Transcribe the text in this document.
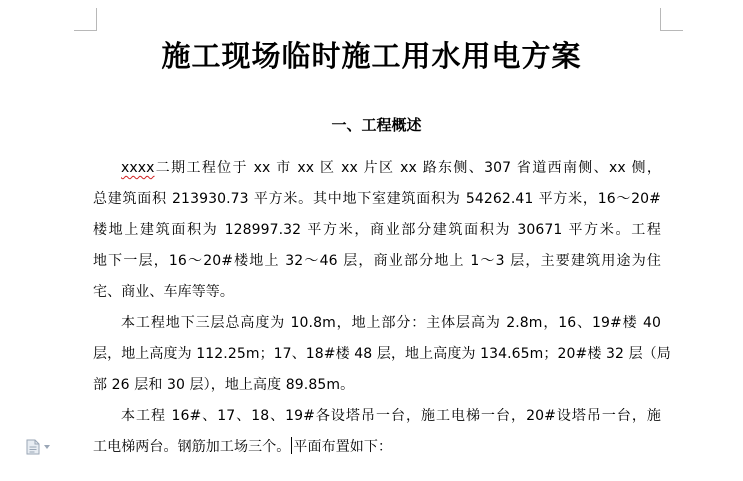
施工现场临时施工用水用电方案
一、工程概述

xxxx二期工程位于 xx 市 xx 区 xx 片区 xx 路东侧、307 省道西南侧、xx 侧，
总建筑面积 213930.73 平方米。其中地下室建筑面积为 54262.41 平方米，16～20#
楼地上建筑面积为 128997.32 平方米，商业部分建筑面积为 30671 平方米。工程
地下一层，16～20#楼地上 32～46 层，商业部分地上 1～3 层，主要建筑用途为住
宅、商业、车库等等。

本工程地下三层总高度为 10.8m，地上部分：主体层高为 2.8m，16、19#楼 40
层，地上高度为 112.25m；17、18#楼 48 层，地上高度为 134.65m；20#楼 32 层（局
部 26 层和 30 层），地上高度 89.85m。

本工程 16#、17、18、19#各设塔吊一台，施工电梯一台，20#设塔吊一台，施
工电梯两台。钢筋加工场三个。 平面布置如下：
